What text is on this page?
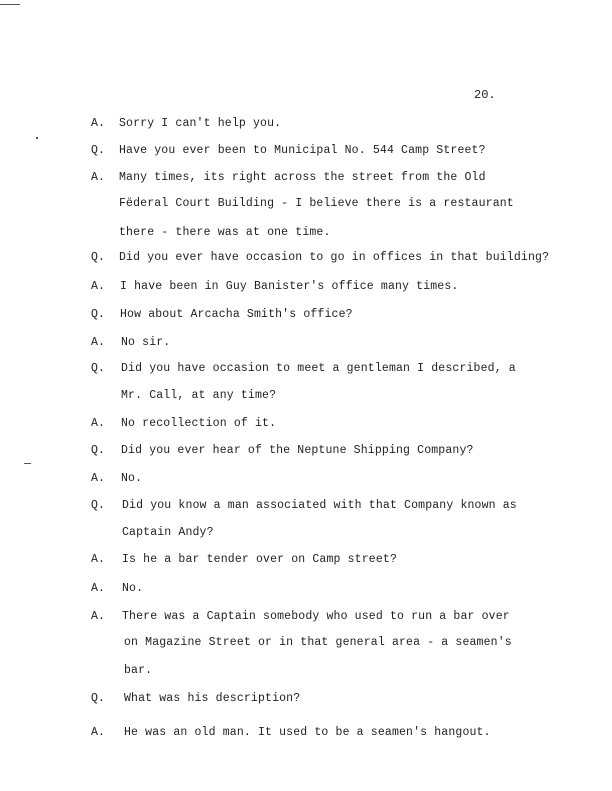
20.
A. Sorry I can't help you.
Q. Have you ever been to Municipal No. 544 Camp Street?
A. Many times, its right across the street from the Old
Fëderal Court Building - I believe there is a restaurant
there - there was at one time.
Q. Did you ever have occasion to go in offices in that building?
A. I have been in Guy Banister's office many times.
Q. How about Arcacha Smith's office?
A. No sir.
Q. Did you have occasion to meet a gentleman I described, a
Mr. Call, at any time?
A. No recollection of it.
Q. Did you ever hear of the Neptune Shipping Company?
A. No.
Q. Did you know a man associated with that Company known as
Captain Andy?
A. Is he a bar tender over on Camp street?
A. No.
A. There was a Captain somebody who used to run a bar over
on Magazine Street or in that general area - a seamen's
bar.
Q. What was his description?
A. He was an old man. It used to be a seamen's hangout.
